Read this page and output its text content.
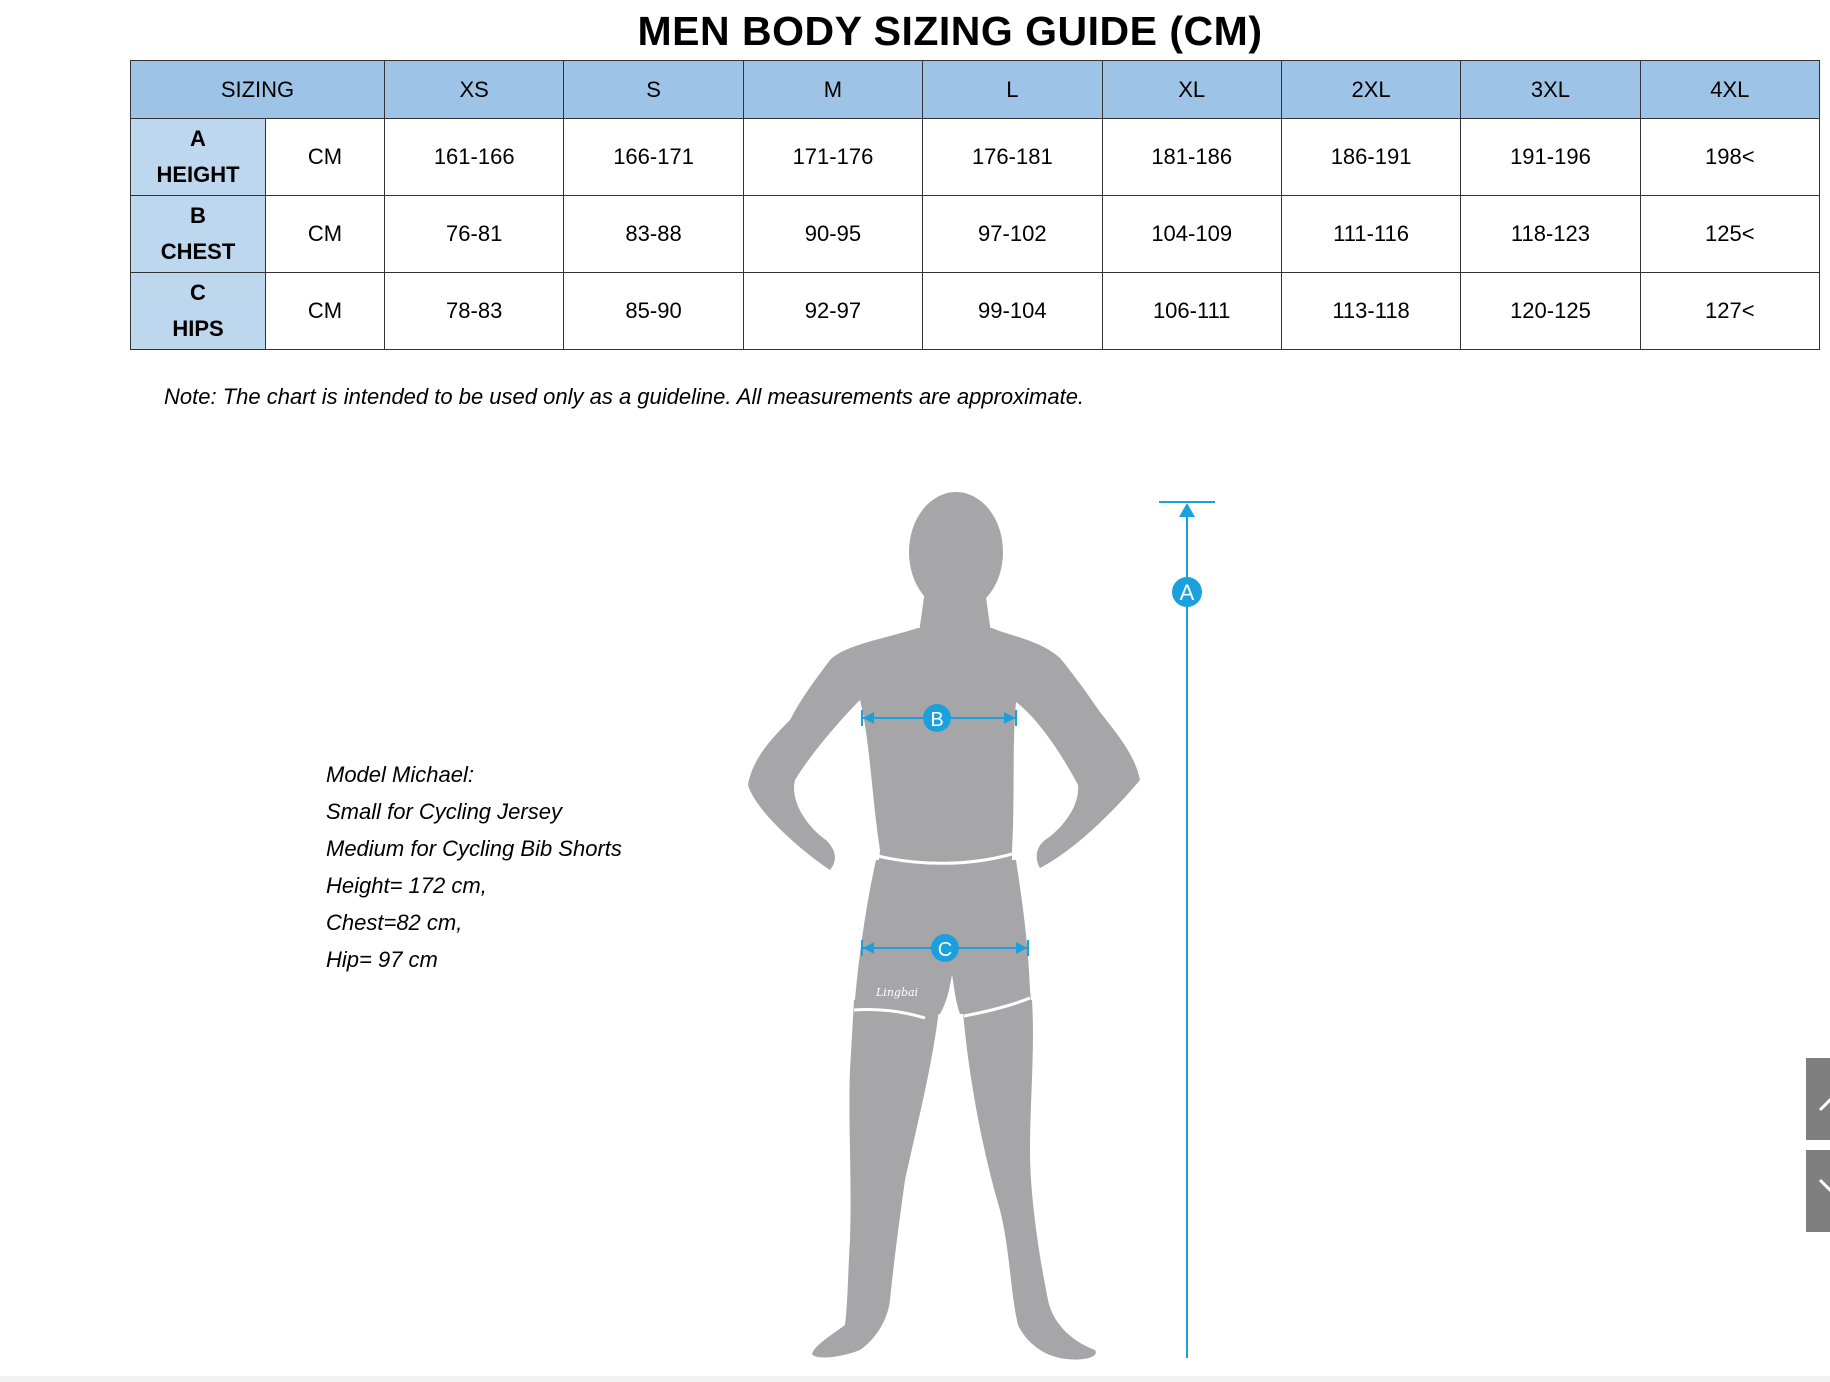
MEN BODY SIZING GUIDE (CM)
SIZING		XS	S	M	L	XL	2XL	3XL	4XL

A
HEIGHT	CM	161-166	166-171	171-176	176-181	181-186	186-191	191-196	198<

B
CHEST	CM	76-81	83-88	90-95	97-102	104-109	111-116	118-123	125<

C
HIPS	CM	78-83	85-90	92-97	99-104	106-111	113-118	120-125	127<
Note: The chart is intended to be used only as a guideline. All measurements are approximate.
Model Michael:
Small for Cycling Jersey
Medium for Cycling Bib Shorts
Height= 172 cm,
Chest=82 cm,
Hip= 97 cm
Lingbai
A
B
C
